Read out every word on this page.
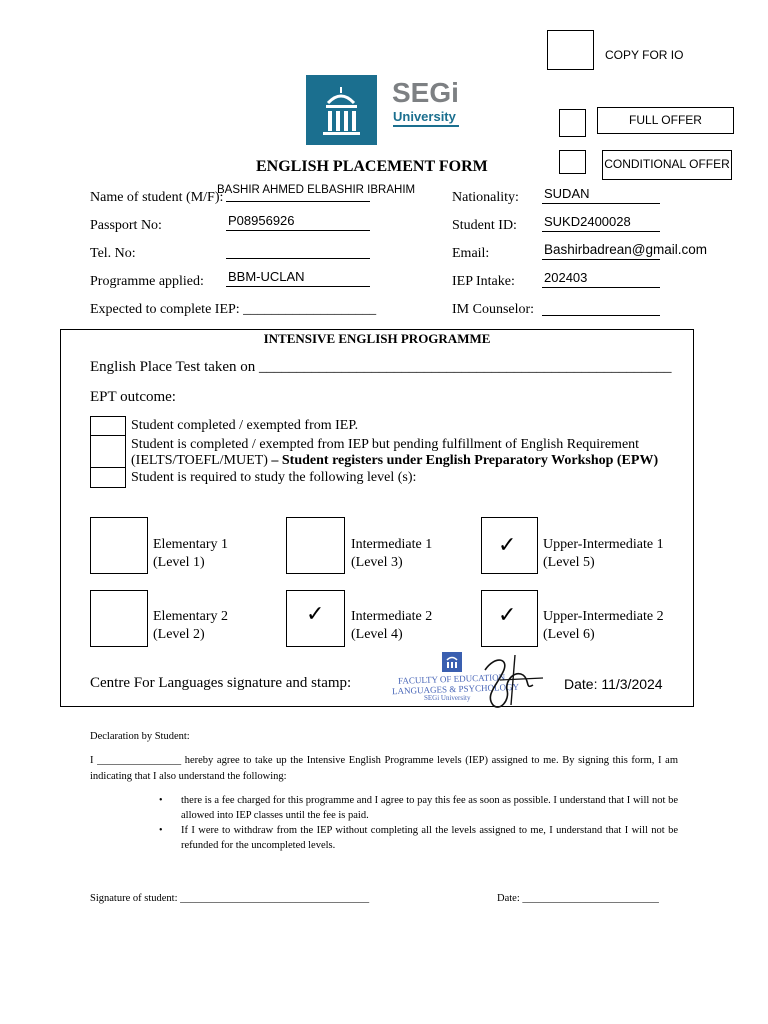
COPY FOR IO
FULL OFFER
CONDITIONAL OFFER
SEGi
University
ENGLISH PLACEMENT FORM
Name of student (M/F):
BASHIR AHMED ELBASHIR IBRAHIM
Passport No:	P08956926
Tel. No:
Programme applied: BBM-UCLAN
Expected to complete IEP: ___________________
Nationality: SUDAN
Student ID: SUKD2400028
Email:	Bashirbadrean@gmail.com
IEP Intake: 202403
IM Counselor:
INTENSIVE ENGLISH PROGRAMME
English Place Test taken on _______________________________________________________
EPT outcome:
Student completed / exempted from IEP.
Student is completed / exempted from IEP but pending fulfillment of English Requirement
(IELTS/TOEFL/MUET) – Student registers under English Preparatory Workshop (EPW)
Student is required to study the following level (s):
Elementary 1
(Level 1)
Intermediate 1
(Level 3)
✓ Upper-Intermediate 1
(Level 5)
Elementary 2
(Level 2)
✓ Intermediate 2
(Level 4)
✓ Upper-Intermediate 2
(Level 6)
Centre For Languages signature and stamp:	FACULTY OF EDUCATION
LANGUAGES & PSYCHOLOGY
SEGi University
Date: 11/3/2024
Declaration by Student:
I ________________ hereby agree to take up the Intensive English Programme levels (IEP) assigned to me. By signing this form, I am indicating that I also understand the following:
• there is a fee charged for this programme and I agree to pay this fee as soon as possible. I understand that I will not be allowed into IEP classes until the fee is paid.
• If I were to withdraw from the IEP without completing all the levels assigned to me, I understand that I will not be refunded for the uncompleted levels.
Signature of student: ____________________________________	Date: __________________________
